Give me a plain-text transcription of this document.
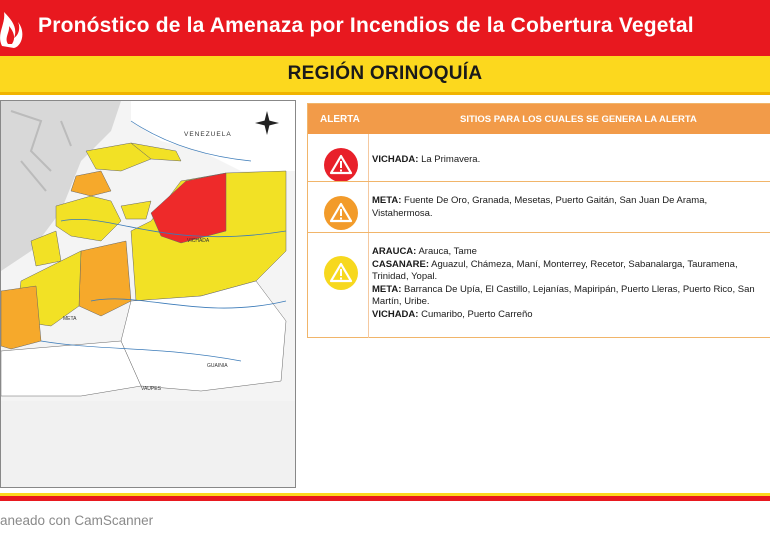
Pronóstico de la Amenaza por Incendios de la Cobertura Vegetal
REGIÓN ORINOQUÍA
VENEZUELA
VICHADA
META
GUAINIA
VAUPES
ALERTA	SITIOS PARA LOS CUALES SE GENERA LA ALERTA
VICHADA: La Primavera.
META: Fuente De Oro, Granada, Mesetas, Puerto Gaitán, San Juan De Arama, Vistahermosa.
ARAUCA: Arauca, Tame
CASANARE: Aguazul, Chámeza, Maní, Monterrey, Recetor, Sabanalarga, Tauramena, Trinidad, Yopal.
META: Barranca De Upía, El Castillo, Lejanías, Mapiripán, Puerto Lleras, Puerto Rico, San Martín, Uribe.
VICHADA: Cumaribo, Puerto Carreño
aneado con CamScanner
